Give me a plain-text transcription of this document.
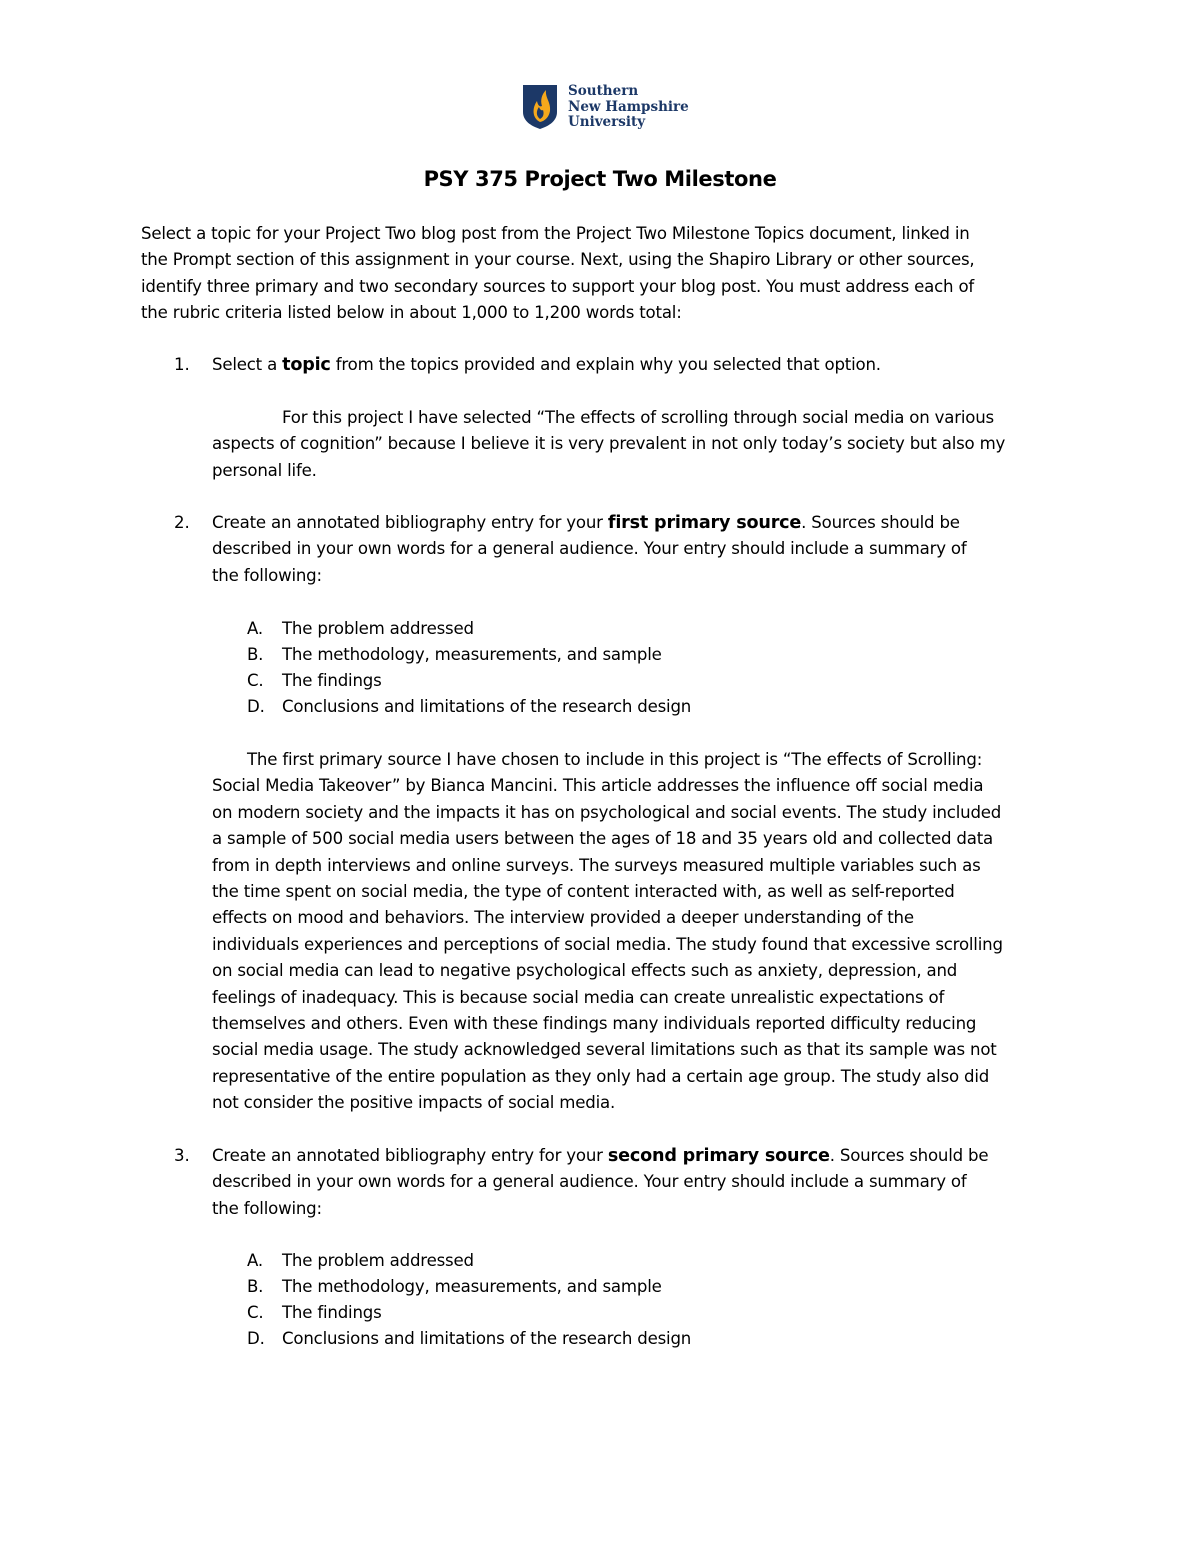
Southern
New Hampshire
University
PSY 375 Project Two Milestone
Select a topic for your Project Two blog post from the Project Two Milestone Topics document, linked in
the Prompt section of this assignment in your course. Next, using the Shapiro Library or other sources,
identify three primary and two secondary sources to support your blog post. You must address each of
the rubric criteria listed below in about 1,000 to 1,200 words total:
1. Select a topic from the topics provided and explain why you selected that option.
For this project I have selected “The effects of scrolling through social media on various
aspects of cognition” because I believe it is very prevalent in not only today’s society but also my
personal life.
2. Create an annotated bibliography entry for your first primary source. Sources should be
described in your own words for a general audience. Your entry should include a summary of
the following:
A. The problem addressed
B. The methodology, measurements, and sample
C. The findings
D. Conclusions and limitations of the research design
The first primary source I have chosen to include in this project is “The effects of Scrolling:
Social Media Takeover” by Bianca Mancini. This article addresses the influence off social media
on modern society and the impacts it has on psychological and social events. The study included
a sample of 500 social media users between the ages of 18 and 35 years old and collected data
from in depth interviews and online surveys. The surveys measured multiple variables such as
the time spent on social media, the type of content interacted with, as well as self-reported
effects on mood and behaviors. The interview provided a deeper understanding of the
individuals experiences and perceptions of social media. The study found that excessive scrolling
on social media can lead to negative psychological effects such as anxiety, depression, and
feelings of inadequacy. This is because social media can create unrealistic expectations of
themselves and others. Even with these findings many individuals reported difficulty reducing
social media usage. The study acknowledged several limitations such as that its sample was not
representative of the entire population as they only had a certain age group. The study also did
not consider the positive impacts of social media.
3. Create an annotated bibliography entry for your second primary source. Sources should be
described in your own words for a general audience. Your entry should include a summary of
the following:
A. The problem addressed
B. The methodology, measurements, and sample
C. The findings
D. Conclusions and limitations of the research design
